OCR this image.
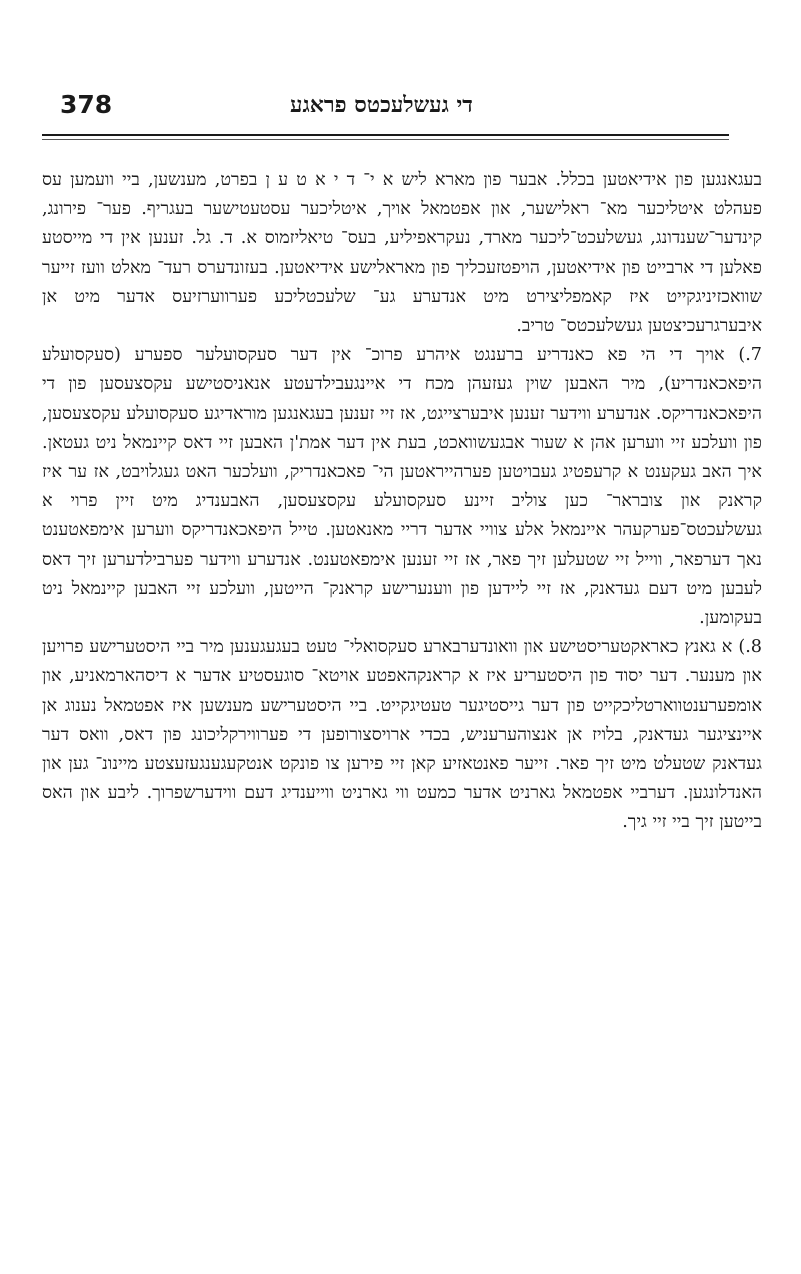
378	די געשלעכטס פראגע

בעגאנגען פון אידיאטען בכלל. אבער פון מארא ליש א י־ ד י א ט ע ן בפרט, מענשען, ביי וועמען עס פעהלט איטליכער מא־ ראלישער, און אפטמאל אויך, איטליכער עסטעטישער בעגריף. פער־ פירונג, קינדער־שענדונג, געשלעכט־ליכער מארד, נעקראפיליע, בעס־ טיאליזמוס א. ד. גל. זענען אין די מייסטע פאלען די ארבייט פון אידיאטען, הויפטזעכליך פון מאראלישע אידיאטען. בעזונדערס רעד־ מאלט וועז זייער שוואכזיניגקייט איז קאמפליצירט מיט אנדערע גע־ שלעכטליכע פערווערזיעס אדער מיט אן איבערגרעכיצטען געשלעכטס־ טריב.

7.) אויך די הי פא כאנדריע ברענגט איהרע פרוכ־ אין דער סעקסועלער ספערע (סעקסועלע היפאכאנדריע), מיר האבען שוין געזעהן מכח די איינגעבילדעטע אנאניסטישע עקסצעסען פון די היפאכאנדריקס. אנדערע ווידער זענען איבערצייגט, אז זיי זענען בעגאנגען מוראדיגע סעקסועלע עקסצעסען, פון וועלכע זיי ווערען אהן א שעור אבגעשוואכט, בעת אין דער אמת'ן האבען זיי דאס קיינמאל ניט געטאן. איך האב געקענט א קרעפטיג געבויטען פערהייראטען הי־ פאכאנדריק, וועלכער האט געגלויבט, אז ער איז קראנק און צובראר־ כען צוליב זיינע סעקסועלע עקסצעסען, האבענדיג מיט זיין פרוי א געשלעכטס־פערקעהר איינמאל אלע צוויי אדער דריי מאנאטען. טייל היפאכאנדריקס ווערען אימפאטענט נאך דערפאר, ווייל זיי שטעלען זיך פאר, אז זיי זענען אימפאטענט. אנדערע ווידער פערבילדערען זיך דאס לעבען מיט דעם געדאנק, אז זיי ליידען פון ווענערישע קראנק־ הייטען, וועלכע זיי האבען קיינמאל ניט בעקומען.

8.) א גאנץ כאראקטעריסטישע און וואונדערבארע סעקסואלי־ טעט בעגעגענען מיר ביי היסטערישע פרויען און מענער. דער יסוד פון היסטעריע איז א קראנקהאפטע אויטא־ סוגעסטיע אדער א דיסהארמאניע, און אומפערענטווארטליכקייט פון דער גייסטיגער טעטיגקייט. ביי היסטערישע מענשען איז אפטמאל נענוג אן איינציגער געדאנק, בלויז אן אנצוהערעניש, בכדי ארויסצורופען די פערווירקליכונג פון דאס, וואס דער געדאנק שטעלט מיט זיך פאר. זייער פאנטאזיע קאן זיי פירען צו פונקט אנטקעגענגעזעצטע מיינונ־ גען און האנדלונגען. דערביי אפטמאל גארניט אדער כמעט ווי גארניט ווייענדיג דעם ווידערשפרוך. ליבע און האס בייטען זיך ביי זיי גיך.
